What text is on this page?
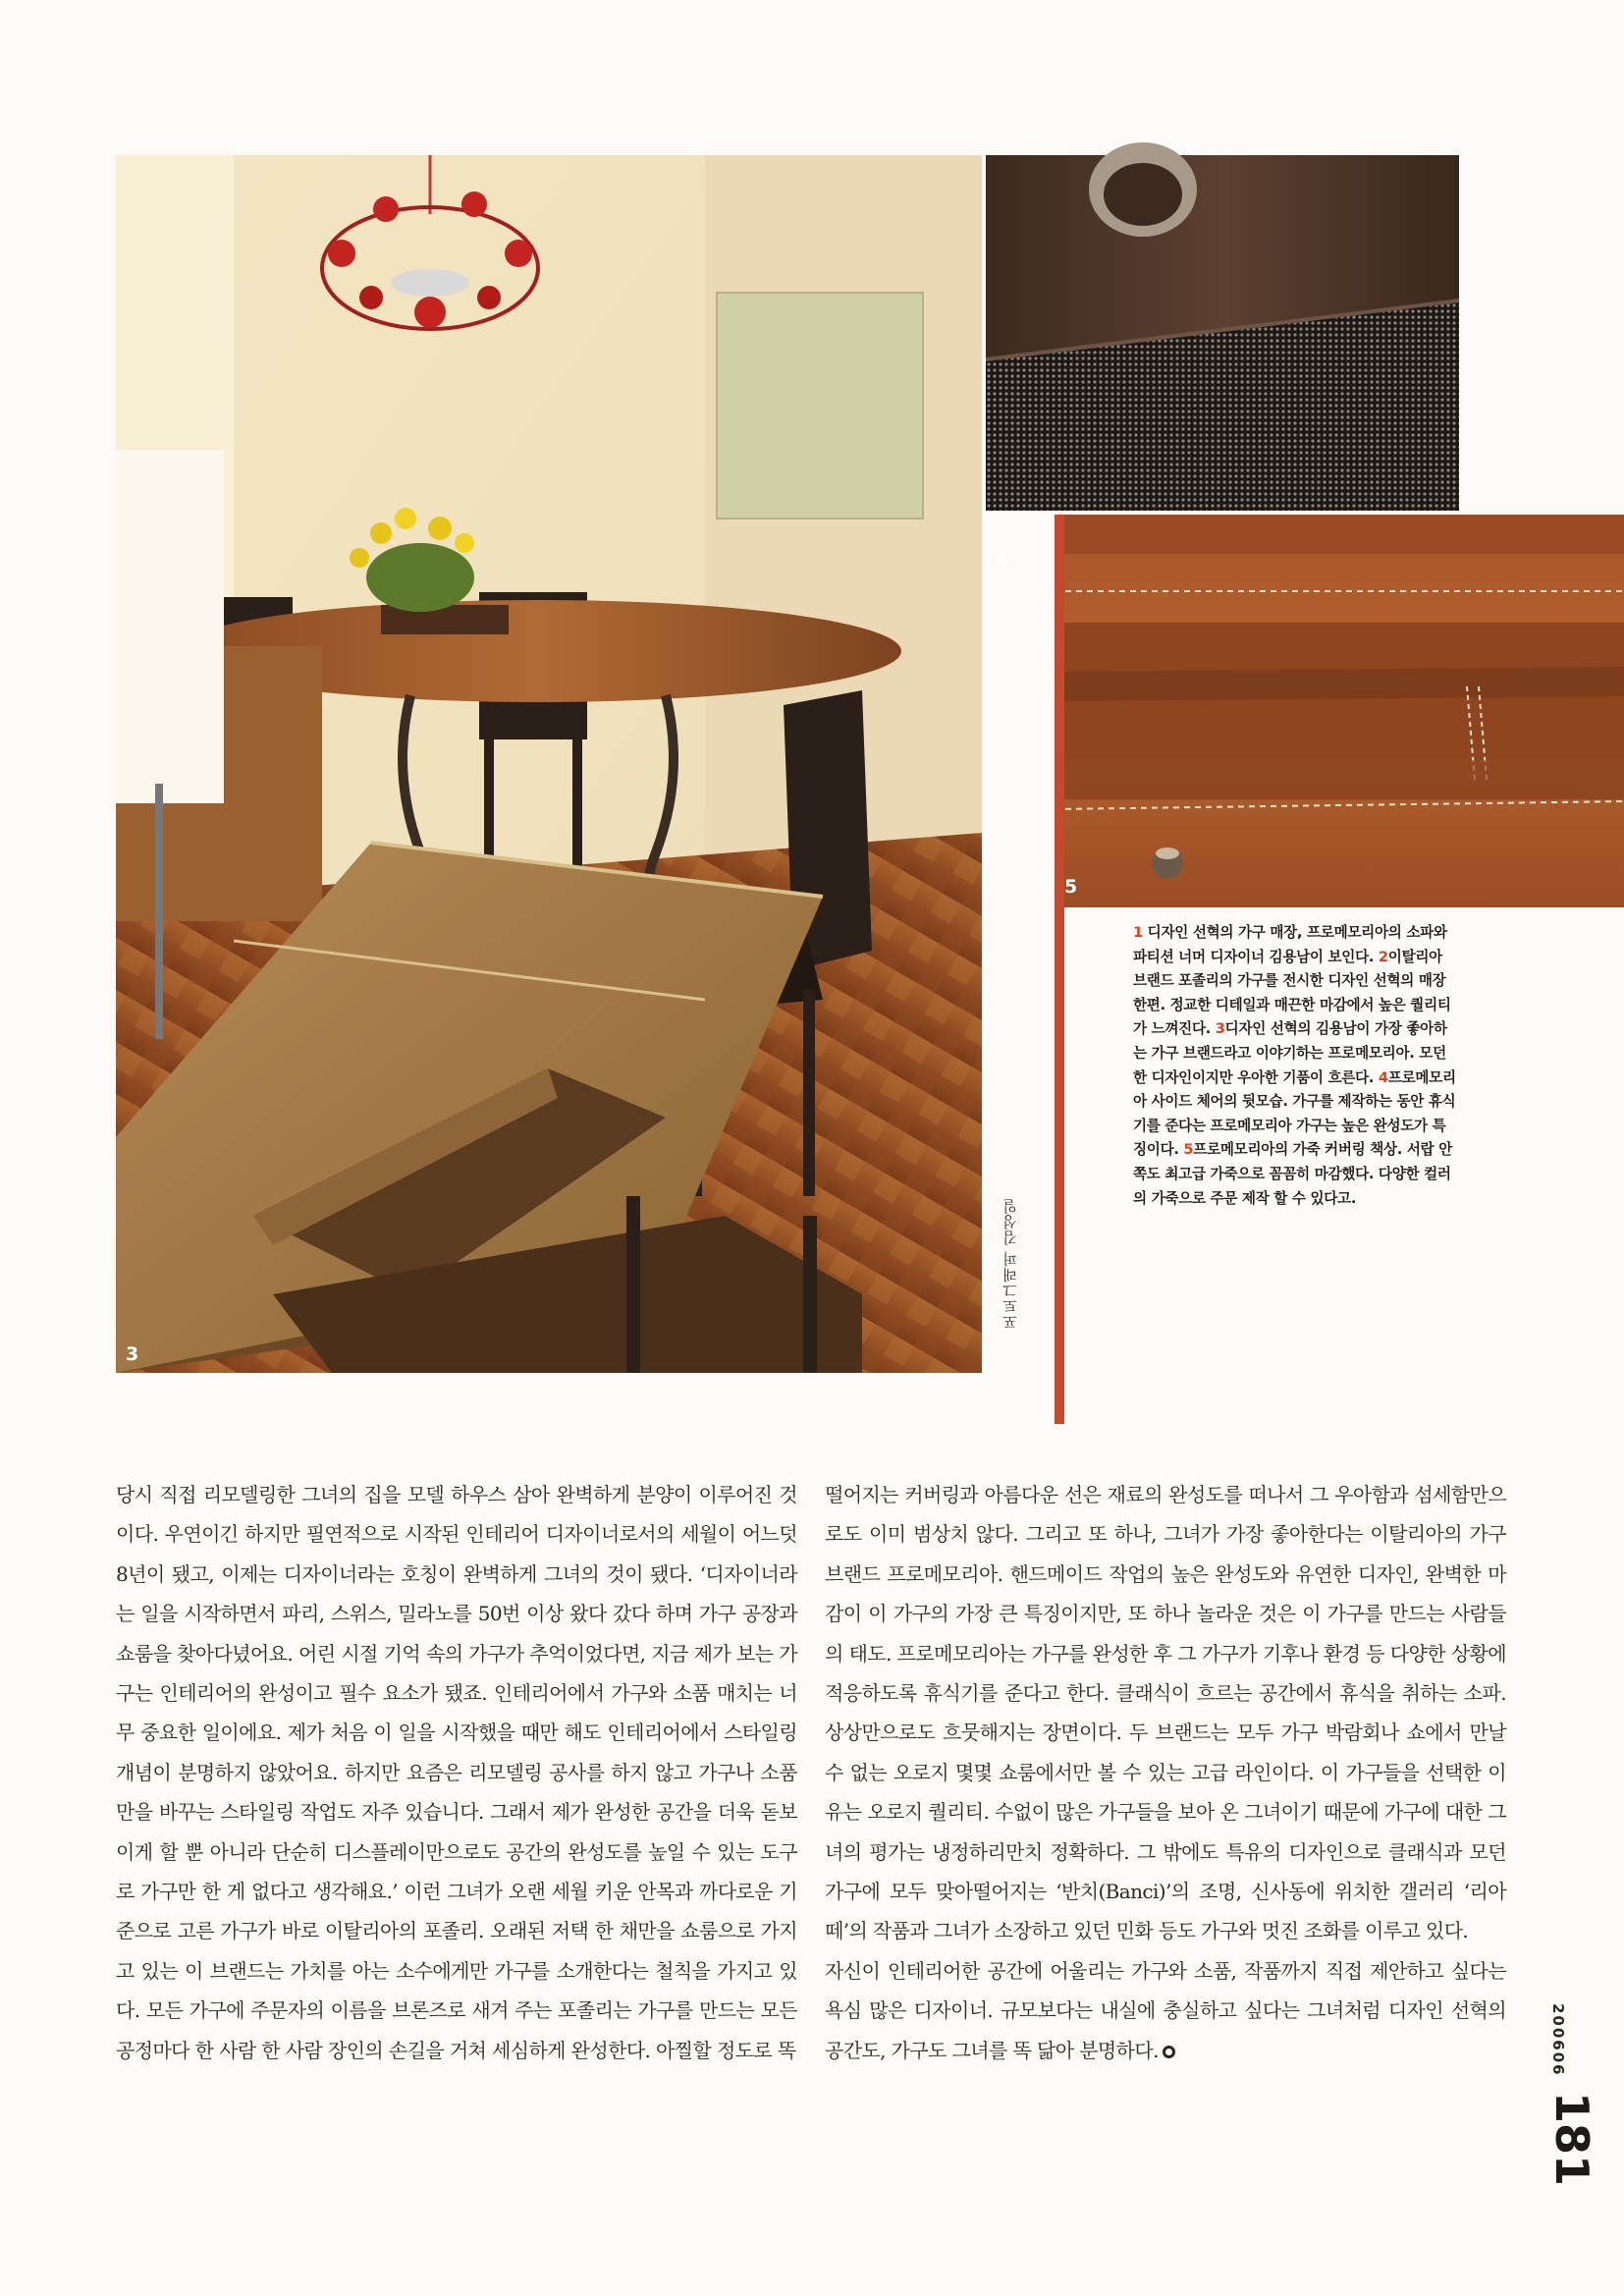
3
포토그래퍼 김성일
4
5
1 디자인 선혁의 가구 매장, 프로메모리아의 소파와 파티션 너머 디자이너 김용남이 보인다. 2이탈리아 브랜드 포졸리의 가구를 전시한 디자인 선혁의 매장 한편. 정교한 디테일과 매끈한 마감에서 높은 퀄리티가 느껴진다. 3디자인 선혁의 김용남이 가장 좋아하는 가구 브랜드라고 이야기하는 프로메모리아. 모던한 디자인이지만 우아한 기품이 흐른다. 4프로메모리아 사이드 체어의 뒷모습. 가구를 제작하는 동안 휴식기를 준다는 프로메모리아 가구는 높은 완성도가 특징이다. 5프로메모리아의 가죽 커버링 책상. 서랍 안쪽도 최고급 가죽으로 꼼꼼히 마감했다. 다양한 컬러의 가죽으로 주문 제작 할 수 있다고.

당시 직접 리모델링한 그녀의 집을 모델 하우스 삼아 완벽하게 분양이 이루어진 것이다. 우연이긴 하지만 필연적으로 시작된 인테리어 디자이너로서의 세월이 어느덧 8년이 됐고, 이제는 디자이너라는 호칭이 완벽하게 그녀의 것이 됐다. ‘디자이너라는 일을 시작하면서 파리, 스위스, 밀라노를 50번 이상 왔다 갔다 하며 가구 공장과 쇼룸을 찾아다녔어요. 어린 시절 기억 속의 가구가 추억이었다면, 지금 제가 보는 가구는 인테리어의 완성이고 필수 요소가 됐죠. 인테리어에서 가구와 소품 매치는 너무 중요한 일이에요. 제가 처음 이 일을 시작했을 때만 해도 인테리어에서 스타일링 개념이 분명하지 않았어요. 하지만 요즘은 리모델링 공사를 하지 않고 가구나 소품만을 바꾸는 스타일링 작업도 자주 있습니다. 그래서 제가 완성한 공간을 더욱 돋보이게 할 뿐 아니라 단순히 디스플레이만으로도 공간의 완성도를 높일 수 있는 도구로 가구만 한 게 없다고 생각해요.’ 이런 그녀가 오랜 세월 키운 안목과 까다로운 기준으로 고른 가구가 바로 이탈리아의 포졸리. 오래된 저택 한 채만을 쇼룸으로 가지고 있는 이 브랜드는 가치를 아는 소수에게만 가구를 소개한다는 철칙을 가지고 있다. 모든 가구에 주문자의 이름을 브론즈로 새겨 주는 포졸리는 가구를 만드는 모든 공정마다 한 사람 한 사람 장인의 손길을 거쳐 세심하게 완성한다. 아찔할 정도로 똑

떨어지는 커버링과 아름다운 선은 재료의 완성도를 떠나서 그 우아함과 섬세함만으로도 이미 범상치 않다. 그리고 또 하나, 그녀가 가장 좋아한다는 이탈리아의 가구 브랜드 프로메모리아. 핸드메이드 작업의 높은 완성도와 유연한 디자인, 완벽한 마감이 이 가구의 가장 큰 특징이지만, 또 하나 놀라운 것은 이 가구를 만드는 사람들의 태도. 프로메모리아는 가구를 완성한 후 그 가구가 기후나 환경 등 다양한 상황에 적응하도록 휴식기를 준다고 한다. 클래식이 흐르는 공간에서 휴식을 취하는 소파. 상상만으로도 흐뭇해지는 장면이다. 두 브랜드는 모두 가구 박람회나 쇼에서 만날 수 없는 오로지 몇몇 쇼룸에서만 볼 수 있는 고급 라인이다. 이 가구들을 선택한 이유는 오로지 퀄리티. 수없이 많은 가구들을 보아 온 그녀이기 때문에 가구에 대한 그녀의 평가는 냉정하리만치 정확하다. 그 밖에도 특유의 디자인으로 클래식과 모던 가구에 모두 맞아떨어지는 ‘반치(Banci)’의 조명, 신사동에 위치한 갤러리 ‘리아떼’의 작품과 그녀가 소장하고 있던 민화 등도 가구와 멋진 조화를 이루고 있다.

자신이 인테리어한 공간에 어울리는 가구와 소품, 작품까지 직접 제안하고 싶다는 욕심 많은 디자이너. 규모보다는 내실에 충실하고 싶다는 그녀처럼 디자인 선혁의 공간도, 가구도 그녀를 똑 닮아 분명하다.	200606
181
